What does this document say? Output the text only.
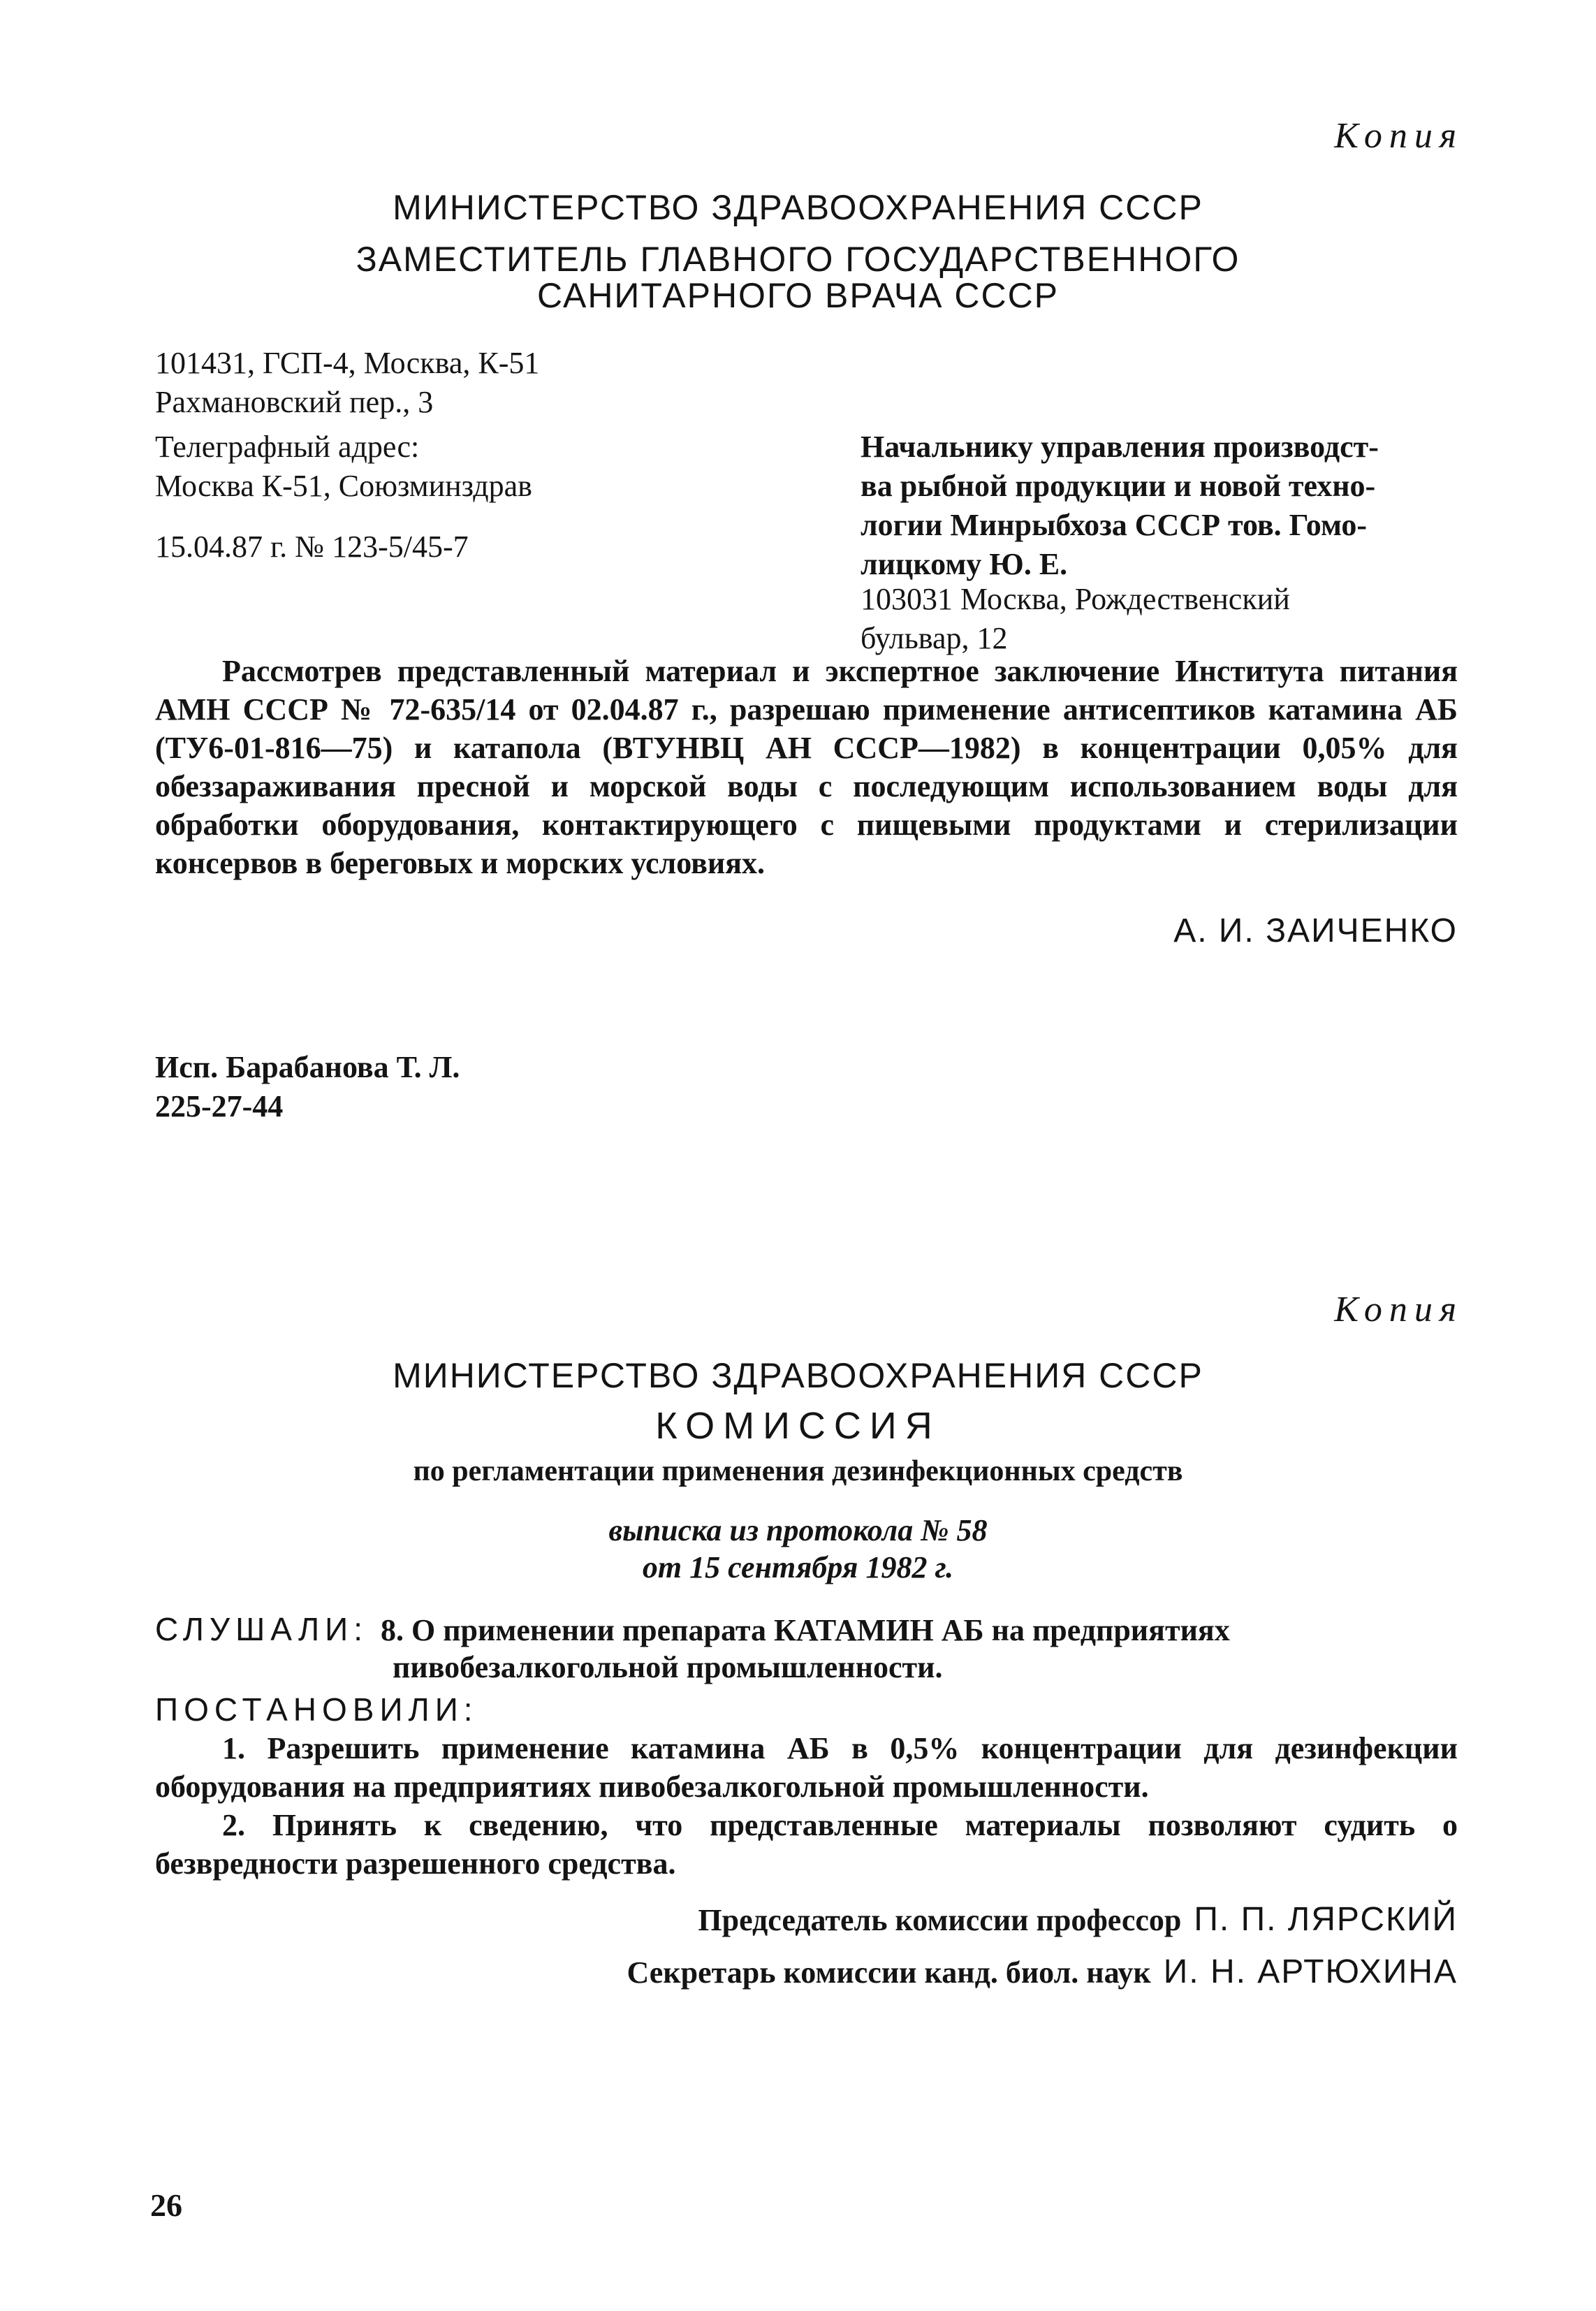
Копия
МИНИСТЕРСТВО ЗДРАВООХРАНЕНИЯ СССР
ЗАМЕСТИТЕЛЬ ГЛАВНОГО ГОСУДАРСТВЕННОГО
САНИТАРНОГО ВРАЧА СССР
101431, ГСП-4, Москва, К-51
Рахмановский пер., 3
Телеграфный адрес:
Москва К-51, Союзминздрав
15.04.87 г. № 123-5/45-7
Начальнику управления производст-
ва рыбной продукции и новой техно-
логии Минрыбхоза СССР тов. Гомо-
лицкому Ю. Е.
103031 Москва, Рождественский
бульвар, 12
Рассмотрев представленный материал и экспертное заключение Института питания АМН СССР № 72-635/14 от 02.04.87 г., разрешаю применение антисептиков катамина АБ (ТУ6-01-816—75) и катапола (ВТУНВЦ АН СССР—1982) в концентрации 0,05% для обеззараживания пресной и морской воды с последующим использованием воды для обработки оборудования, контактирующего с пищевыми продуктами и стерилизации консервов в береговых и морских условиях.
А. И. ЗАИЧЕНКО
Исп. Барабанова Т. Л.
225-27-44
Копия
МИНИСТЕРСТВО ЗДРАВООХРАНЕНИЯ СССР
КОМИССИЯ
по регламентации применения дезинфекционных средств
выписка из протокола № 58
от 15 сентября 1982 г.
СЛУШАЛИ: 8. О применении препарата КАТАМИН АБ на предприятиях
пивобезалкогольной промышленности.
ПОСТАНОВИЛИ:
1. Разрешить применение катамина АБ в 0,5% концентрации для дезинфекции оборудования на предприятиях пивобезалкогольной промышленности.
2. Принять к сведению, что представленные материалы позволяют судить о безвредности разрешенного средства.
Председатель комиссии профессор П. П. ЛЯРСКИЙ
Секретарь комиссии канд. биол. наук И. Н. АРТЮХИНА
26
